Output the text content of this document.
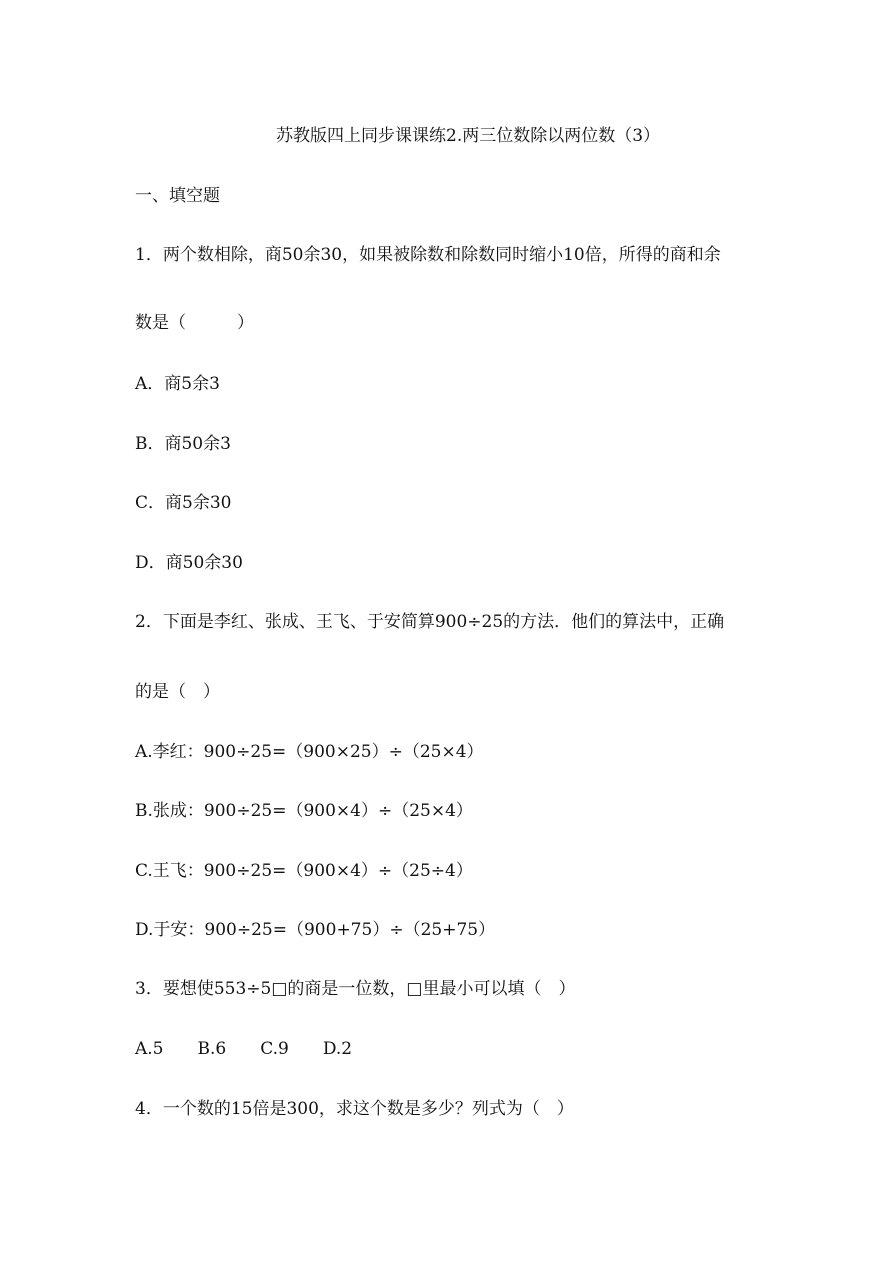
苏教版四上同步课课练2.两三位数除以两位数（3）
一、填空题
1．两个数相除，商50余30，如果被除数和除数同时缩小10倍，所得的商和余
数是（　　　）
A．商5余3
B．商50余3
C．商5余30
D．商50余30
2．下面是李红、张成、王飞、于安简算900÷25的方法．他们的算法中，正确
的是（　）
A.李红：900÷25=（900×25）÷（25×4）
B.张成：900÷25=（900×4）÷（25×4）
C.王飞：900÷25=（900×4）÷（25÷4）
D.于安：900÷25=（900+75）÷（25+75）
3．要想使553÷5□的商是一位数，□里最小可以填（　）
A.5　　B.6　　C.9　　D.2
4．一个数的15倍是300，求这个数是多少？列式为（　）
